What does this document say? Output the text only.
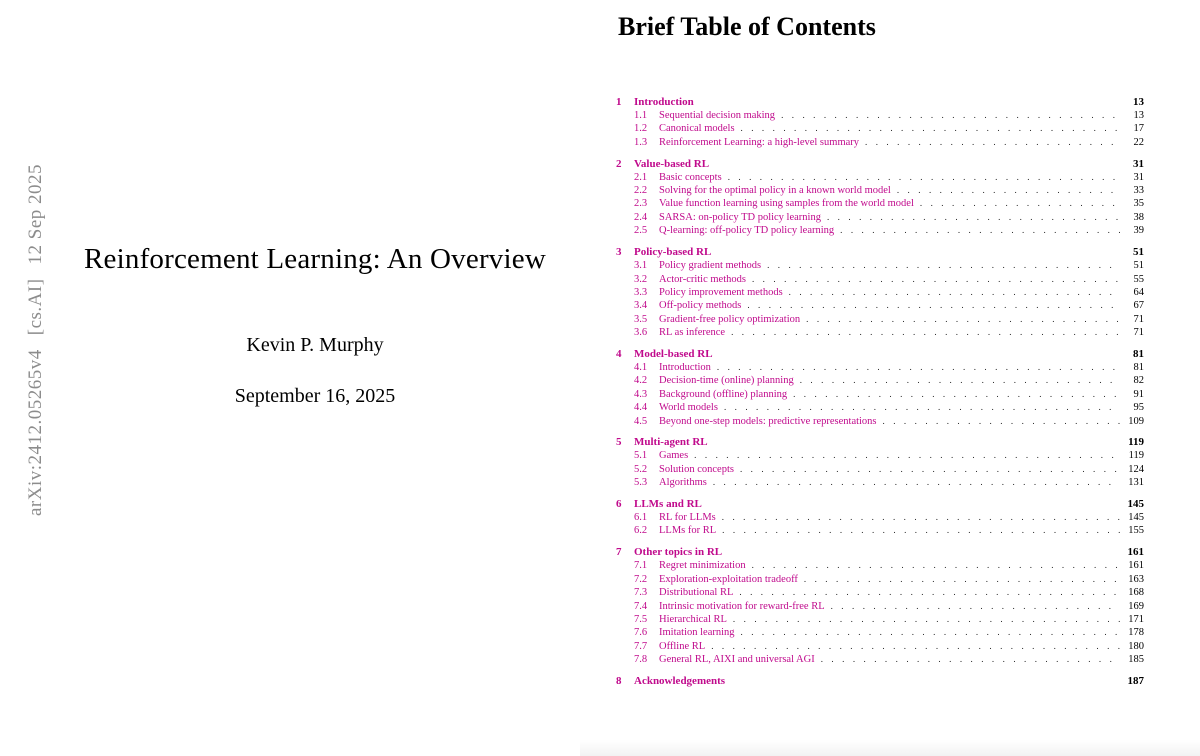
arXiv:2412.05265v4[cs.AI]12 Sep 2025	Reinforcement Learning: An Overview
Kevin P. Murphy
September 16, 2025
Brief Table of Contents
1	Introduction	13
1.1	Sequential decision making . . .	13
1.2	Canonical models . . .	17
1.3	Reinforcement Learning: a high-level summary . . .	22
2	Value-based RL	31
2.1	Basic concepts . . .	31
2.2	Solving for the optimal policy in a known world model . . .	33
2.3	Value function learning using samples from the world model . . .	35
2.4	SARSA: on-policy TD policy learning . . .	38
2.5	Q-learning: off-policy TD policy learning . . .	39
3	Policy-based RL	51
3.1	Policy gradient methods . . .	51
3.2	Actor-critic methods . . .	55
3.3	Policy improvement methods . . .	64
3.4	Off-policy methods . . .	67
3.5	Gradient-free policy optimization . . .	71
3.6	RL as inference . . .	71
4	Model-based RL	81
4.1	Introduction . . .	81
4.2	Decision-time (online) planning . . .	82
4.3	Background (offline) planning . . .	91
4.4	World models . . .	95
4.5	Beyond one-step models: predictive representations . . .	109
5	Multi-agent RL	119
5.1	Games . . .	119
5.2	Solution concepts . . .	124
5.3	Algorithms . . .	131
6	LLMs and RL	145
6.1	RL for LLMs . . .	145
6.2	LLMs for RL . . .	155
7	Other topics in RL	161
7.1	Regret minimization . . .	161
7.2	Exploration-exploitation tradeoff . . .	163
7.3	Distributional RL . . .	168
7.4	Intrinsic motivation for reward-free RL . . .	169
7.5	Hierarchical RL . . .	171
7.6	Imitation learning . . .	178
7.7	Offline RL . . .	180
7.8	General RL, AIXI and universal AGI . . .	185
8	Acknowledgements	187
